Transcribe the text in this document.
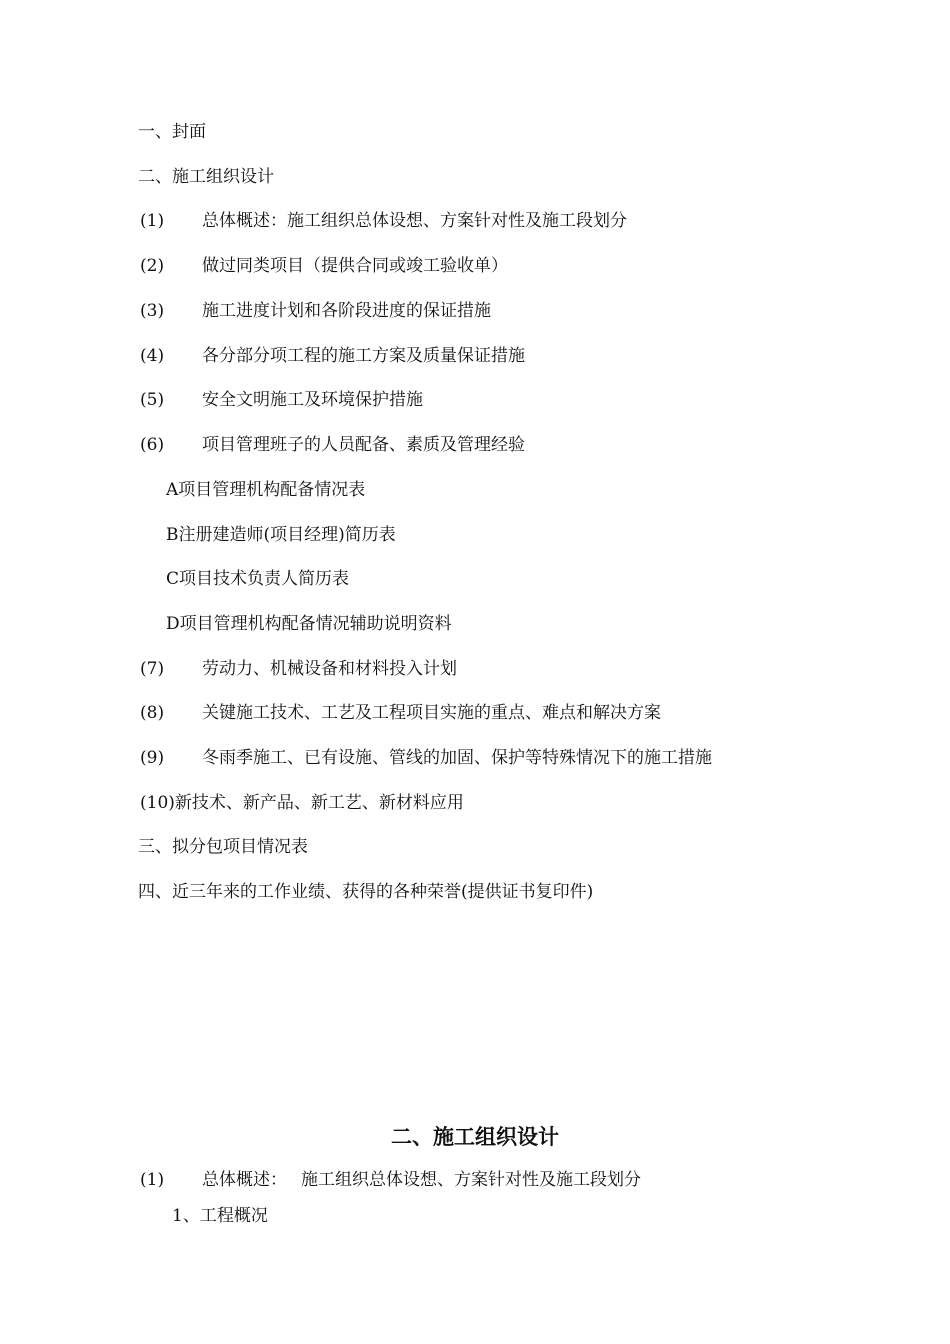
一、封面
二、施工组织设计
(1) 总体概述：施工组织总体设想、方案针对性及施工段划分
(2) 做过同类项目（提供合同或竣工验收单）
(3) 施工进度计划和各阶段进度的保证措施
(4) 各分部分项工程的施工方案及质量保证措施
(5) 安全文明施工及环境保护措施
(6) 项目管理班子的人员配备、素质及管理经验
A项目管理机构配备情况表
B注册建造师(项目经理)简历表
C项目技术负责人简历表
D项目管理机构配备情况辅助说明资料
(7) 劳动力、机械设备和材料投入计划
(8) 关键施工技术、工艺及工程项目实施的重点、难点和解决方案
(9) 冬雨季施工、已有设施、管线的加固、保护等特殊情况下的施工措施
(10)新技术、新产品、新工艺、新材料应用
三、拟分包项目情况表
四、近三年来的工作业绩、获得的各种荣誉(提供证书复印件)
二、施工组织设计
(1) 总体概述： 施工组织总体设想、方案针对性及施工段划分
1、工程概况
